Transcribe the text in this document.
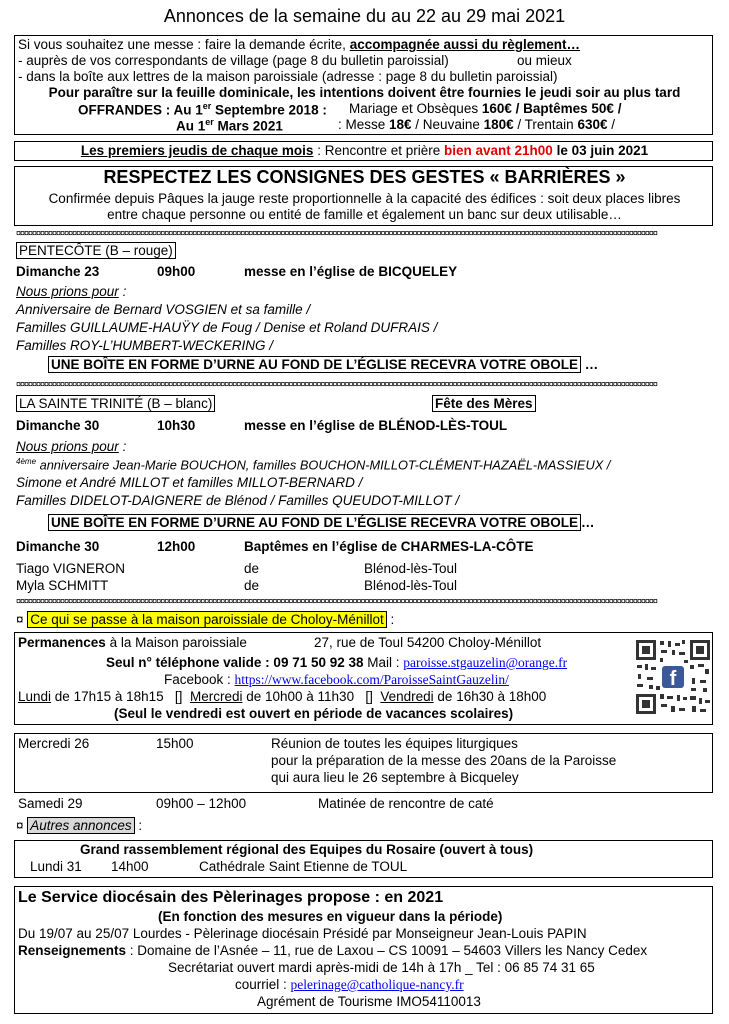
Annonces de la semaine du au 22 au 29 mai 2021
Si vous souhaitez une messe : faire la demande écrite, accompagnée aussi du règlement…
- auprès de vos correspondants de village (page 8 du bulletin paroissial)	ou mieux
- dans la boîte aux lettres de la maison paroissiale (adresse : page 8 du bulletin paroissial)
Pour paraître sur la feuille dominicale, les intentions doivent être fournies le jeudi soir au plus tard
OFFRANDES : Au 1er Septembre 2018 : Mariage et Obsèques 160€ / Baptêmes 50€ /
Au 1er Mars 2021	: Messe 18€ / Neuvaine 180€ / Trentain 630€ /
Les premiers jeudis de chaque mois : Rencontre et prière bien avant 21h00 le 03 juin 2021
RESPECTEZ LES CONSIGNES DES GESTES « BARRIÈRES »
Confirmée depuis Pâques la jauge reste proportionnelle à la capacité des édifices : soit deux places libres
entre chaque personne ou entité de famille et également un banc sur deux utilisable…
¤¤¤¤¤¤¤¤¤¤¤¤¤¤¤¤¤¤¤¤¤¤¤¤¤¤¤¤¤¤¤¤¤¤¤¤¤¤¤¤¤¤¤¤¤¤¤¤¤¤¤¤¤¤¤¤¤¤¤¤¤¤¤¤¤¤¤¤¤¤¤¤¤¤¤¤¤¤¤¤¤¤¤¤¤¤¤¤¤¤¤¤¤¤¤¤¤¤¤¤¤¤¤¤¤¤¤¤¤¤¤¤¤¤¤¤¤¤¤¤¤¤¤¤¤¤¤¤¤¤¤¤¤¤¤¤¤¤¤¤¤¤¤¤¤¤¤¤¤¤¤¤¤¤¤¤¤¤¤¤
PENTECÔTE (B – rouge)
Dimanche 23	09h00	messe en l’église de BICQUELEY
Nous prions pour :
Anniversaire de Bernard VOSGIEN et sa famille /
Familles GUILLAUME-HAUŸY de Foug / Denise et Roland DUFRAIS /
Familles ROY-L’HUMBERT-WECKERING /
UNE BOÎTE EN FORME D’URNE AU FOND DE L’ÉGLISE RECEVRA VOTRE OBOLE …
¤¤¤¤¤¤¤¤¤¤¤¤¤¤¤¤¤¤¤¤¤¤¤¤¤¤¤¤¤¤¤¤¤¤¤¤¤¤¤¤¤¤¤¤¤¤¤¤¤¤¤¤¤¤¤¤¤¤¤¤¤¤¤¤¤¤¤¤¤¤¤¤¤¤¤¤¤¤¤¤¤¤¤¤¤¤¤¤¤¤¤¤¤¤¤¤¤¤¤¤¤¤¤¤¤¤¤¤¤¤¤¤¤¤¤¤¤¤¤¤¤¤¤¤¤¤¤¤¤¤¤¤¤¤¤¤¤¤¤¤¤¤¤¤¤¤¤¤¤¤¤¤¤¤¤¤¤¤¤¤
LA SAINTE TRINITÉ (B – blanc)	Fête des Mères
Dimanche 30	10h30	messe en l’église de BLÉNOD-LÈS-TOUL
Nous prions pour :
$^{4ème}$ anniversaire Jean-Marie BOUCHON, familles BOUCHON-MILLOT-CLÉMENT-HAZAËL-MASSIEUX /
Simone et André MILLOT et familles MILLOT-BERNARD /
Familles DIDELOT-DAIGNERE de Blénod / Familles QUEUDOT-MILLOT /
UNE BOÎTE EN FORME D’URNE AU FOND DE L’ÉGLISE RECEVRA VOTRE OBOLE …
Dimanche 30	12h00	Baptêmes en l’église de CHARMES-LA-CÔTE
Tiago VIGNERON	de	Blénod-lès-Toul
Myla SCHMITT	de	Blénod-lès-Toul
¤¤¤¤¤¤¤¤¤¤¤¤¤¤¤¤¤¤¤¤¤¤¤¤¤¤¤¤¤¤¤¤¤¤¤¤¤¤¤¤¤¤¤¤¤¤¤¤¤¤¤¤¤¤¤¤¤¤¤¤¤¤¤¤¤¤¤¤¤¤¤¤¤¤¤¤¤¤¤¤¤¤¤¤¤¤¤¤¤¤¤¤¤¤¤¤¤¤¤¤¤¤¤¤¤¤¤¤¤¤¤¤¤¤¤¤¤¤¤¤¤¤¤¤¤¤¤¤¤¤¤¤¤¤¤¤¤¤¤¤¤¤¤¤¤¤¤¤¤¤¤¤¤¤¤¤¤¤¤¤
¤ Ce qui se passe à la maison paroissiale de Choloy-Ménillot :
Permanences à la Maison paroissiale	27, rue de Toul 54200 Choloy-Ménillot
Seul n° téléphone valide : 09 71 50 92 38 Mail : paroisse.stgauzelin@orange.fr
Facebook : https://www.facebook.com/ParoisseSaintGauzelin/
Lundi de 17h15 à 18h15 [] Mercredi de 10h00 à 11h30 [] Vendredi de 16h30 à 18h00
(Seul le vendredi est ouvert en période de vacances scolaires)
f
Mercredi 26	15h00	Réunion de toutes les équipes liturgiques
pour la préparation de la messe des 20ans de la Paroisse
qui aura lieu le 26 septembre à Bicqueley
Samedi 29	09h00 – 12h00	Matinée de rencontre de caté
¤ Autres annonces :
Grand rassemblement régional des Equipes du Rosaire (ouvert à tous)
Lundi 31 14h00	Cathédrale Saint Etienne de TOUL
Le Service diocésain des Pèlerinages propose : en 2021
(En fonction des mesures en vigueur dans la période)
Du 19/07 au 25/07 Lourdes - Pèlerinage diocésain Présidé par Monseigneur Jean-Louis PAPIN
Renseignements : Domaine de l’Asnée – 11, rue de Laxou – CS 10091 – 54603 Villers les Nancy Cedex
Secrétariat ouvert mardi après-midi de 14h à 17h _ Tel : 06 85 74 31 65
courriel : pelerinage@catholique-nancy.fr
Agrément de Tourisme IMO54110013
